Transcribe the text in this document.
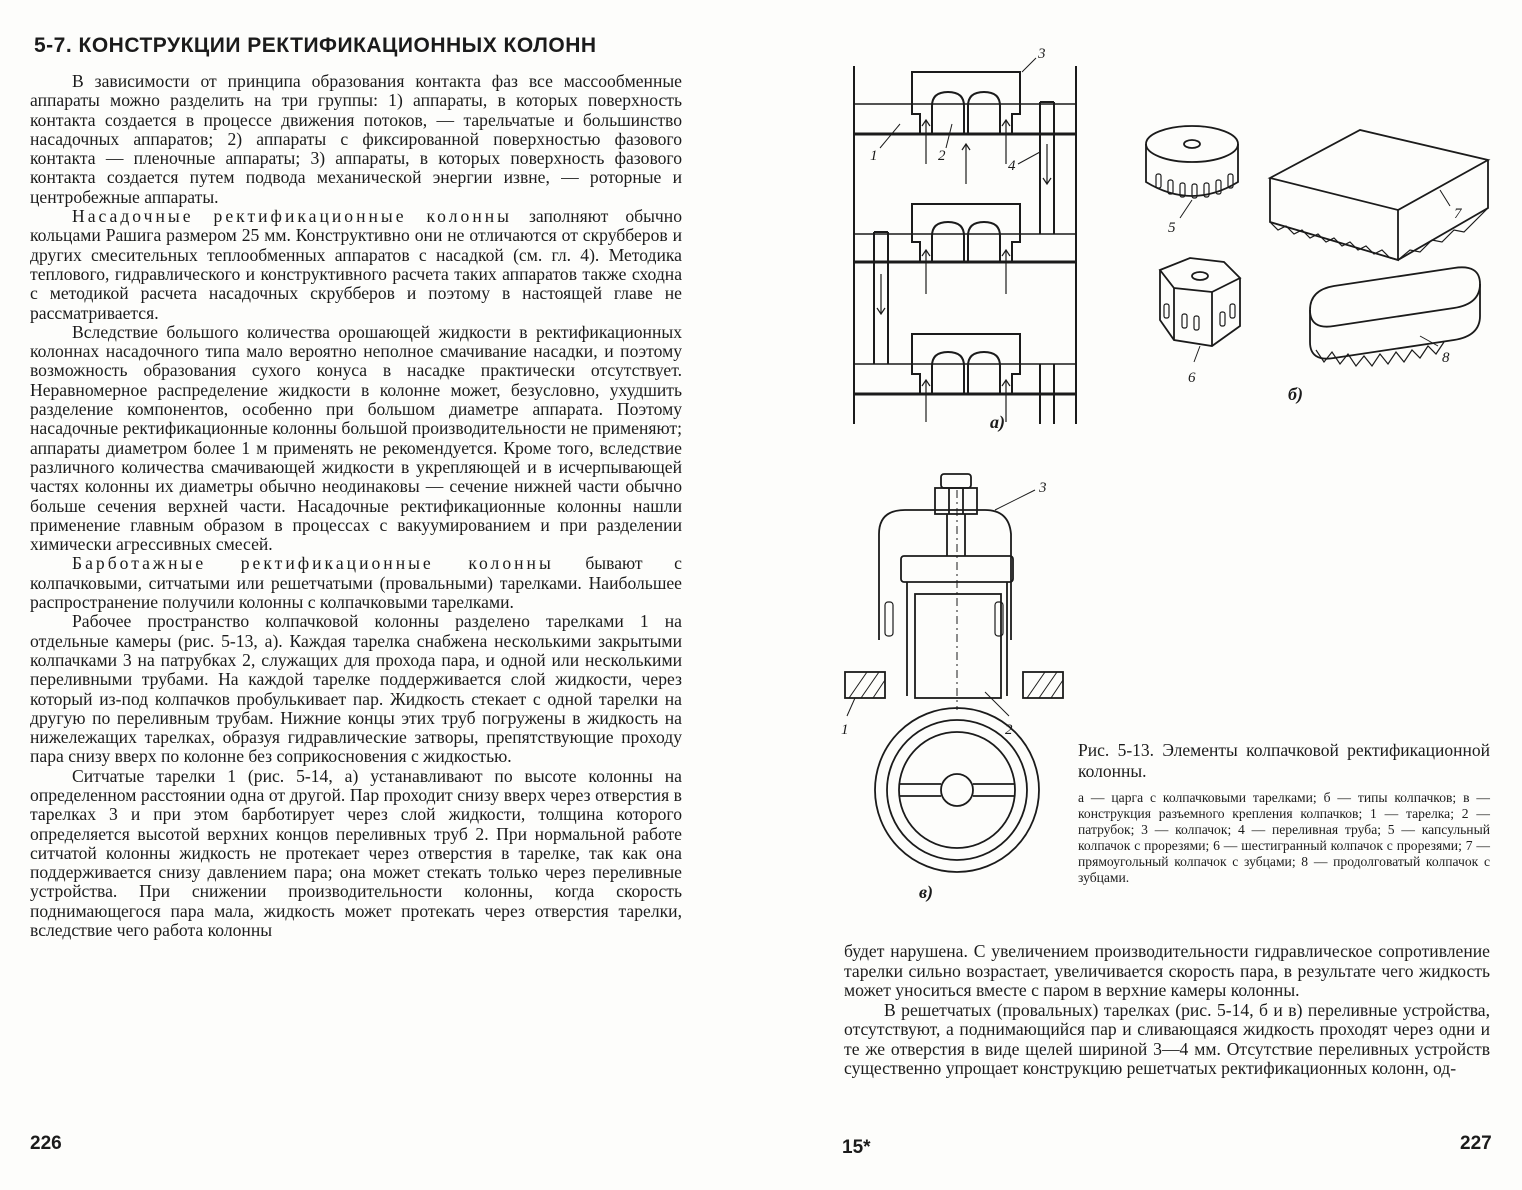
5-7. КОНСТРУКЦИИ РЕКТИФИКАЦИОННЫХ КОЛОНН

В зависимости от принципа образования контакта фаз все массообменные аппараты можно разделить на три группы: 1) аппараты, в которых поверхность контакта создается в процессе движения потоков, — тарельчатые и большинство насадочных аппаратов; 2) аппараты с фиксированной поверхностью фазового контакта — пленочные аппараты; 3) аппараты, в которых поверхность фазового контакта создается путем подвода механической энергии извне, — роторные и центробежные аппараты.

Насадочные ректификационные колонны заполняют обычно кольцами Рашига размером 25 мм. Конструктивно они не отличаются от скрубберов и других смесительных теплообменных аппаратов с насадкой (см. гл. 4). Методика теплового, гидравлического и конструктивного расчета таких аппаратов также сходна с методикой расчета насадочных скрубберов и поэтому в настоящей главе не рассматривается.

Вследствие большого количества орошающей жидкости в ректификационных колоннах насадочного типа мало вероятно неполное смачивание насадки, и поэтому возможность образования сухого конуса в насадке практически отсутствует. Неравномерное распределение жидкости в колонне может, безусловно, ухудшить разделение компонентов, особенно при большом диаметре аппарата. Поэтому насадочные ректификационные колонны большой производительности не применяют; аппараты диаметром более 1 м применять не рекомендуется. Кроме того, вследствие различного количества смачивающей жидкости в укрепляющей и в исчерпывающей частях колонны их диаметры обычно неодинаковы — сечение нижней части обычно больше сечения верхней части. Насадочные ректификационные колонны нашли применение главным образом в процессах с вакуумированием и при разделении химически агрессивных смесей.

Барботажные ректификационные колонны бывают с колпачковыми, ситчатыми или решетчатыми (провальными) тарелками. Наибольшее распространение получили колонны с колпачковыми тарелками.

Рабочее пространство колпачковой колонны разделено тарелками 1 на отдельные камеры (рис. 5-13, а). Каждая тарелка снабжена несколькими закрытыми колпачками 3 на патрубках 2, служащих для прохода пара, и одной или несколькими переливными трубами. На каждой тарелке поддерживается слой жидкости, через который из-под колпачков пробулькивает пар. Жидкость стекает с одной тарелки на другую по переливным трубам. Нижние концы этих труб погружены в жидкость на нижележащих тарелках, образуя гидравлические затворы, препятствующие проходу пара снизу вверх по колонне без соприкосновения с жидкостью.

Ситчатые тарелки 1 (рис. 5-14, а) устанавливают по высоте колонны на определенном расстоянии одна от другой. Пар проходит снизу вверх через отверстия в тарелках 3 и при этом барботирует через слой жидкости, толщина которого определяется высотой верхних концов переливных труб 2. При нормальной работе ситчатой колонны жидкость не протекает через отверстия в тарелке, так как она поддерживается снизу давлением пара; она может стекать только через переливные устройства. При снижении производительности колонны, когда скорость поднимающегося пара мала, жидкость может протекать через отверстия тарелки, вследствие чего работа колонны

226
1	2
3
4
а)
5
6
7
8
б)
1	2
3
в)

Рис. 5-13. Элементы колпачковой ректификационной колонны.

а — царга с колпачковыми тарелками; б — типы колпачков; в — конструкция разъемного крепления колпачков; 1 — тарелка; 2 — патрубок; 3 — колпачок; 4 — переливная труба; 5 — капсульный колпачок с прорезями; 6 — шестигранный колпачок с прорезями; 7 — прямоугольный колпачок с зубцами; 8 — продолговатый колпачок с зубцами.

будет нарушена. С увеличением производительности гидравлическое сопротивление тарелки сильно возрастает, увеличивается скорость пара, в результате чего жидкость может уноситься вместе с паром в верхние камеры колонны.

В решетчатых (провальных) тарелках (рис. 5-14, б и в) переливные устройства, отсутствуют, а поднимающийся пар и сливающаяся жидкость проходят через одни и те же отверстия в виде щелей шириной 3—4 мм. Отсутствие переливных устройств существенно упрощает конструкцию решетчатых ректификационных колонн, од-

15*	227
